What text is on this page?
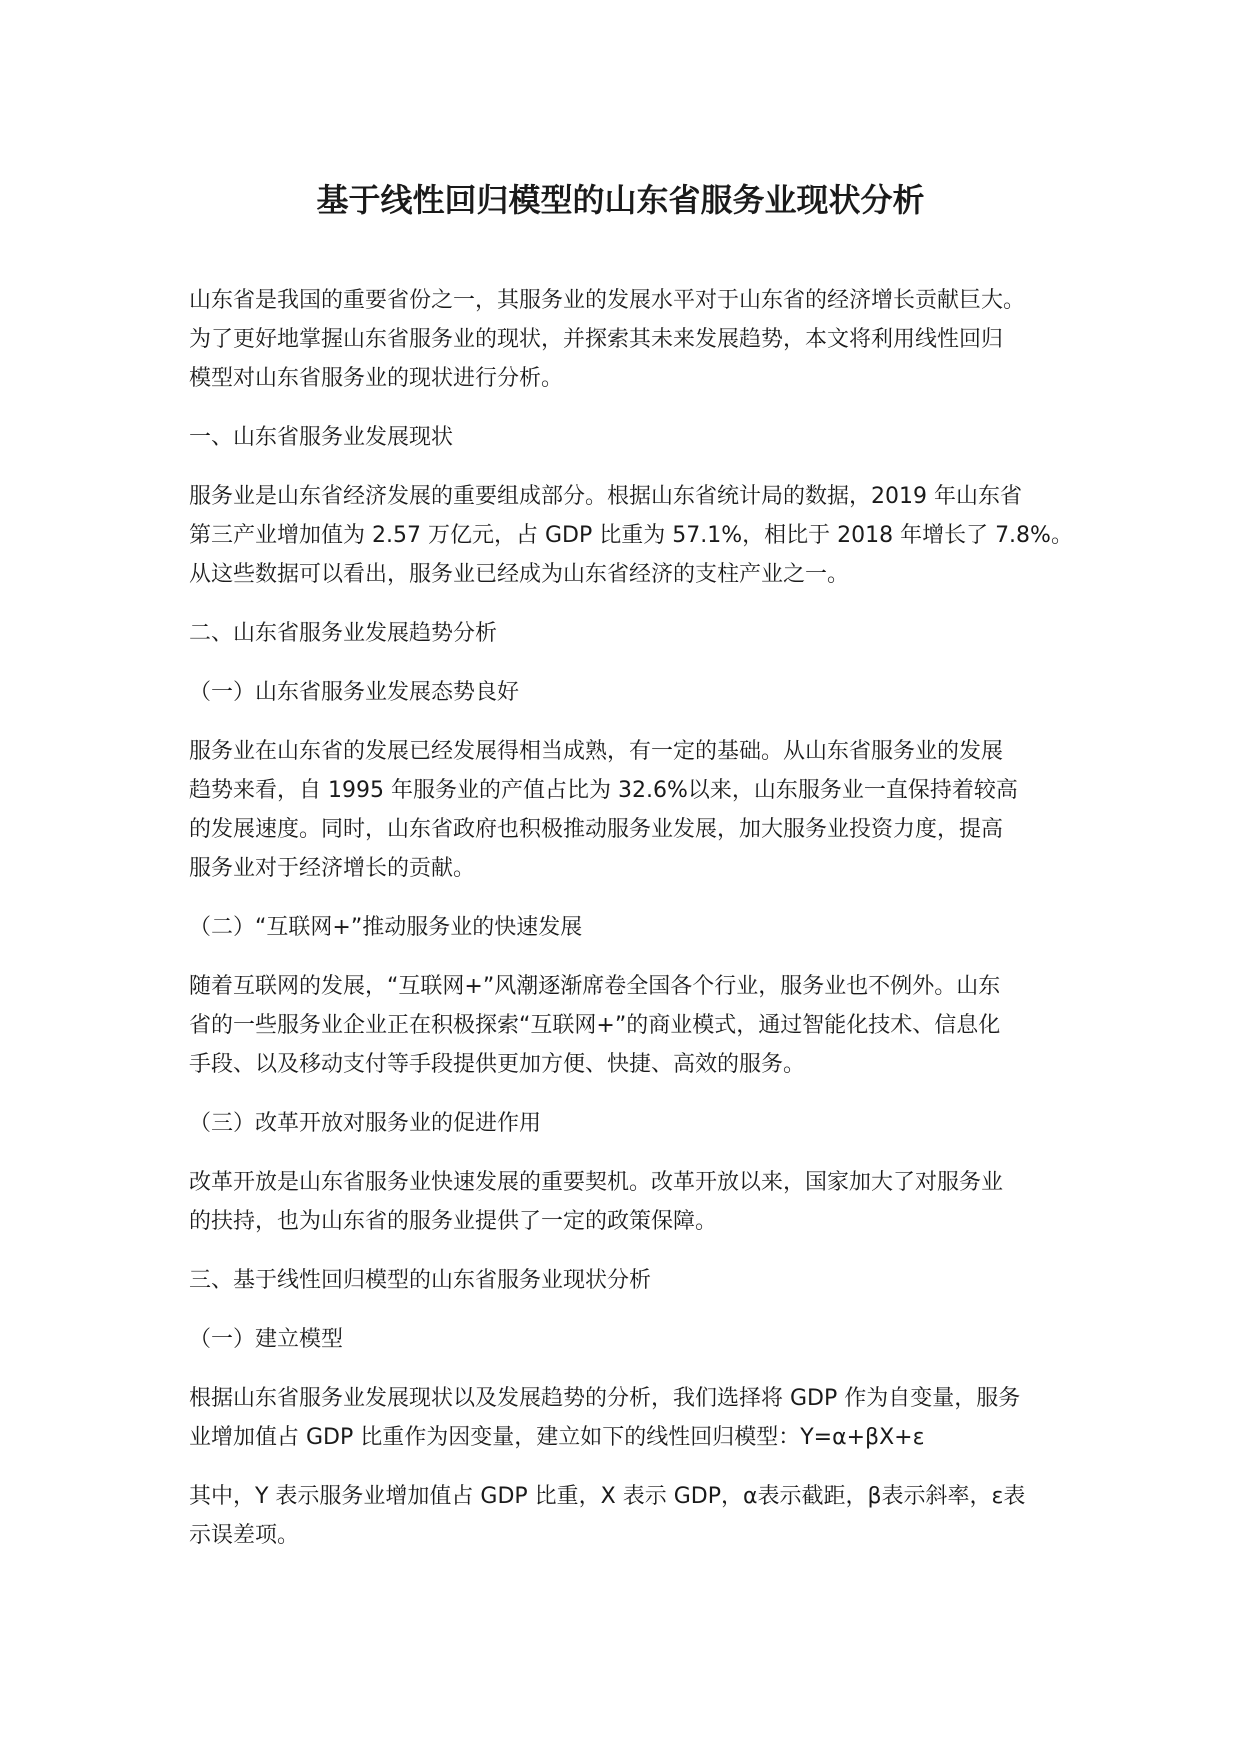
基于线性回归模型的山东省服务业现状分析
山东省是我国的重要省份之一，其服务业的发展水平对于山东省的经济增长贡献巨大。
为了更好地掌握山东省服务业的现状，并探索其未来发展趋势，本文将利用线性回归
模型对山东省服务业的现状进行分析。
一、山东省服务业发展现状
服务业是山东省经济发展的重要组成部分。根据山东省统计局的数据，2019 年山东省
第三产业增加值为 2.57 万亿元，占 GDP 比重为 57.1%，相比于 2018 年增长了 7.8%。
从这些数据可以看出，服务业已经成为山东省经济的支柱产业之一。
二、山东省服务业发展趋势分析
（一）山东省服务业发展态势良好
服务业在山东省的发展已经发展得相当成熟，有一定的基础。从山东省服务业的发展
趋势来看，自 1995 年服务业的产值占比为 32.6%以来，山东服务业一直保持着较高
的发展速度。同时，山东省政府也积极推动服务业发展，加大服务业投资力度，提高
服务业对于经济增长的贡献。
（二）“互联网+”推动服务业的快速发展
随着互联网的发展，“互联网+”风潮逐渐席卷全国各个行业，服务业也不例外。山东
省的一些服务业企业正在积极探索“互联网+”的商业模式，通过智能化技术、信息化
手段、以及移动支付等手段提供更加方便、快捷、高效的服务。
（三）改革开放对服务业的促进作用
改革开放是山东省服务业快速发展的重要契机。改革开放以来，国家加大了对服务业
的扶持，也为山东省的服务业提供了一定的政策保障。
三、基于线性回归模型的山东省服务业现状分析
（一）建立模型
根据山东省服务业发展现状以及发展趋势的分析，我们选择将 GDP 作为自变量，服务
业增加值占 GDP 比重作为因变量，建立如下的线性回归模型：Y=α+βX+ε
其中，Y 表示服务业增加值占 GDP 比重，X 表示 GDP，α表示截距，β表示斜率，ε表
示误差项。
